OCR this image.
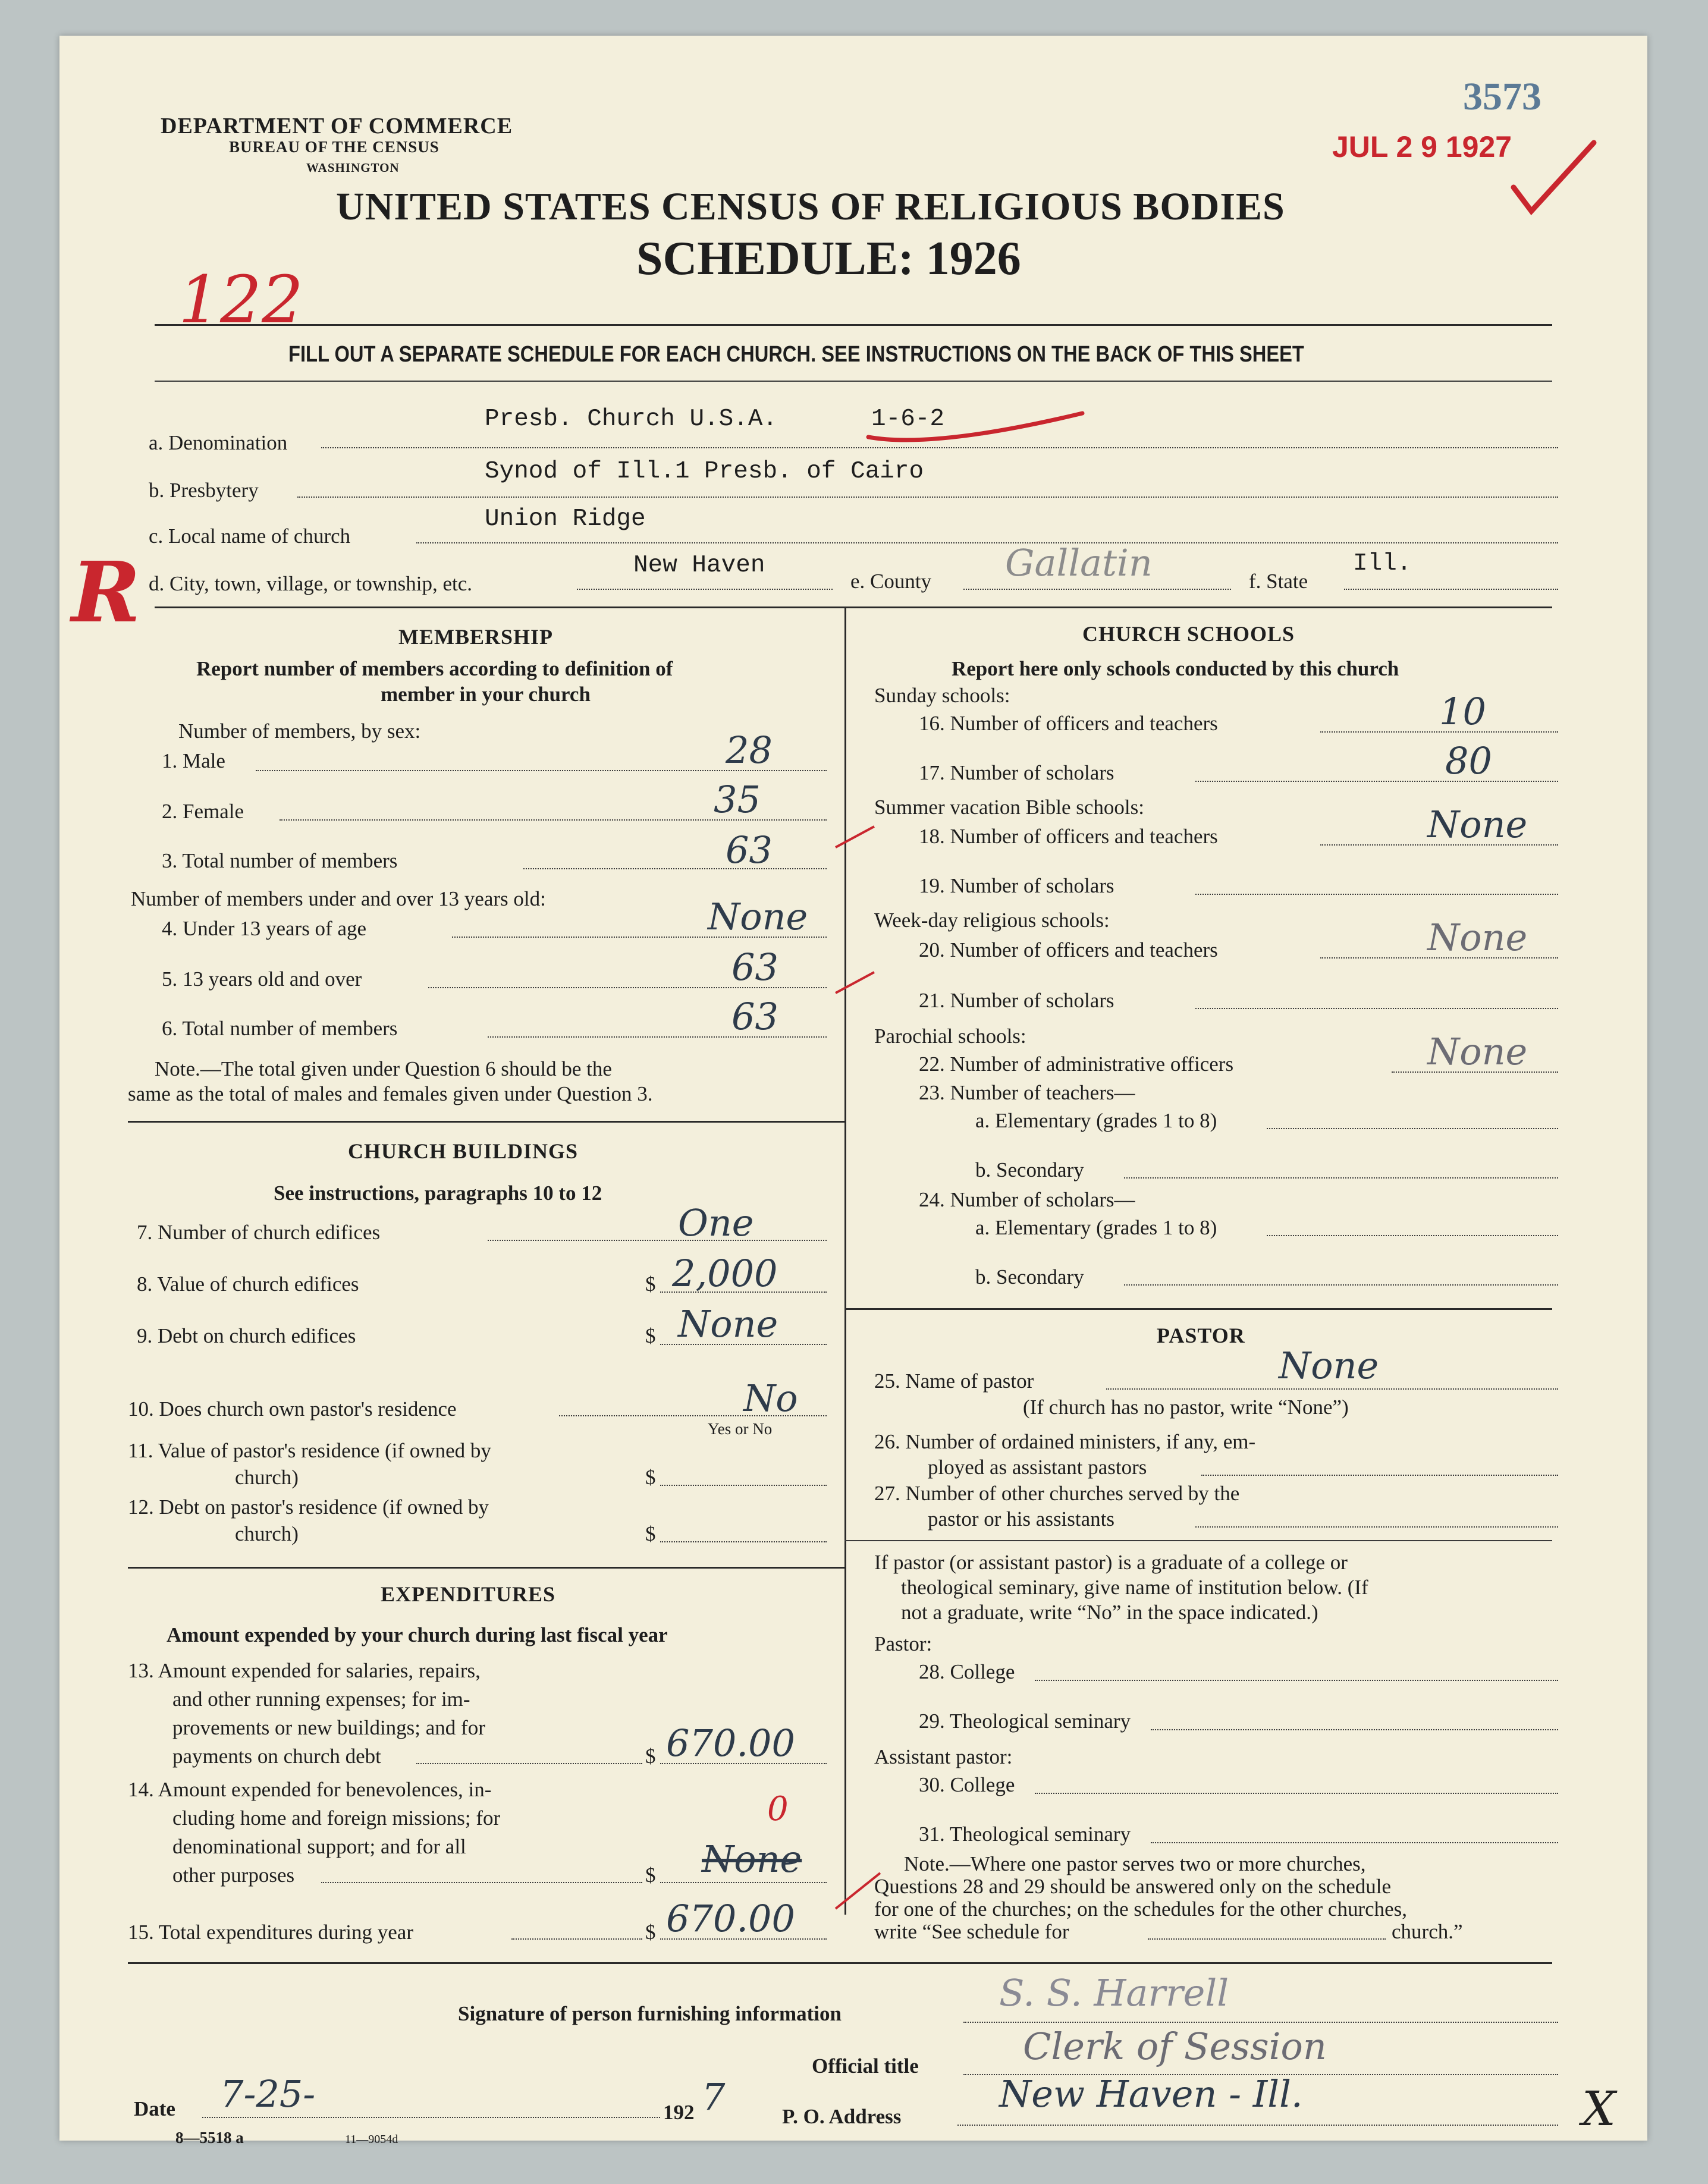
DEPARTMENT OF COMMERCE
BUREAU OF THE CENSUS
WASHINGTON
UNITED STATES CENSUS OF RELIGIOUS BODIES
SCHEDULE: 1926
122
3573
JUL 2 9 1927
FILL OUT A SEPARATE SCHEDULE FOR EACH CHURCH. SEE INSTRUCTIONS ON THE BACK OF THIS SHEET
a. Denomination
Presb. Church U.S.A.	1-6-2
b. Presbytery
Synod of Ill.1 Presb. of Cairo
c. Local name of church
Union Ridge
R d. City, town, village, or township, etc.
New Haven
e. County Gallatin	f. State
Ill.
MEMBERSHIP
Report number of members according to definition of
member in your church
Number of members, by sex:
1. Male	28
2. Female	35
3. Total number of members	63
Number of members under and over 13 years old:
4. Under 13 years of age	None
5. 13 years old and over	63
6. Total number of members	63
Note.—The total given under Question 6 should be the
same as the total of males and females given under Question 3.
CHURCH BUILDINGS
See instructions, paragraphs 10 to 12
7. Number of church edifices	One
8. Value of church edifices	$ 2,000
9. Debt on church edifices	$ None
10. Does church own pastor's residence	No
Yes or No
11. Value of pastor's residence (if owned by
church)	$
12. Debt on pastor's residence (if owned by
church)	$
EXPENDITURES
Amount expended by your church during last fiscal year
13. Amount expended for salaries, repairs,
and other running expenses; for im-
provements or new buildings; and for
payments on church debt	$ 670.00
14. Amount expended for benevolences, in-
cluding home and foreign missions; for
denominational support; and for all
other purposes	$
0
None
15. Total expenditures during year	$ 670.00
CHURCH SCHOOLS
Report here only schools conducted by this church
Sunday schools:
16. Number of officers and teachers	10
17. Number of scholars	80
Summer vacation Bible schools:
18. Number of officers and teachers	None
19. Number of scholars
Week-day religious schools:
20. Number of officers and teachers	None
21. Number of scholars
Parochial schools:
22. Number of administrative officers	None
23. Number of teachers—
a. Elementary (grades 1 to 8)
b. Secondary
24. Number of scholars—
a. Elementary (grades 1 to 8)
b. Secondary
PASTOR
25. Name of pastor	None
(If church has no pastor, write “None”)
26. Number of ordained ministers, if any, em-
ployed as assistant pastors
27. Number of other churches served by the
pastor or his assistants
If pastor (or assistant pastor) is a graduate of a college or
theological seminary, give name of institution below. (If
not a graduate, write “No” in the space indicated.)
Pastor:
28. College
29. Theological seminary
Assistant pastor:
30. College
31. Theological seminary
Note.—Where one pastor serves two or more churches,
Questions 28 and 29 should be answered only on the schedule
for one of the churches; on the schedules for the other churches,
write “See schedule for	church.”
Signature of person furnishing information	S. S. Harrell
Official title	Clerk of Session
Date 7-25-	192 7	P. O. Address
New Haven - Ill.
8—5518 a	11—9054d
X
